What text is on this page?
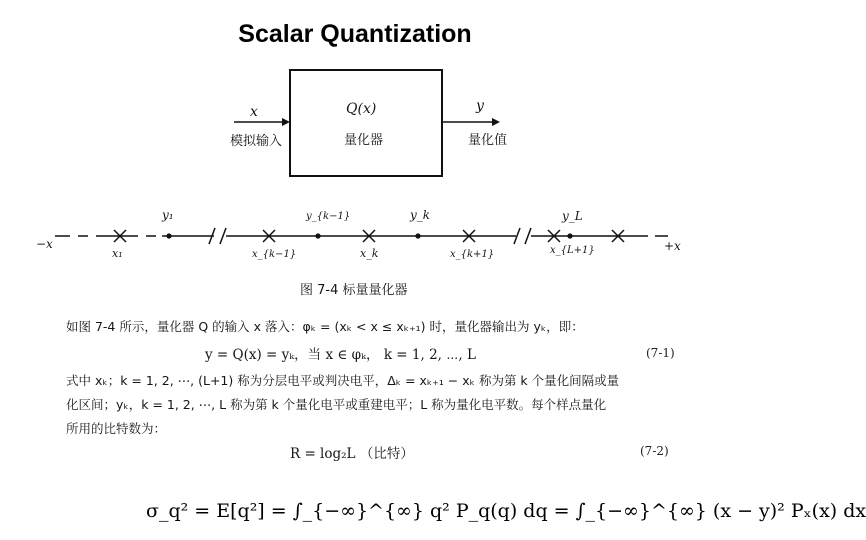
Scalar Quantization
x
模拟输入
Q(x)
量化器
y
量化值
−x	+x
y₁	y_{k−1}	y_k	y_L
x₁	x_{k−1}	x_k	x_{k+1}	x_{L+1}
图 7-4 标量量化器
如图 7-4 所示，量化器 Q 的输入 x 落入：φₖ = (xₖ < x ≤ xₖ₊₁) 时，量化器输出为 yₖ，即：
y = Q(x) = yₖ，当 x ∈ φₖ， k = 1, 2, ⋯, L	(7-1)
式中 xₖ；k = 1, 2, ⋯, (L+1) 称为分层电平或判决电平，Δₖ = xₖ₊₁ − xₖ 称为第 k 个量化间隔或量
化区间；yₖ，k = 1, 2, ⋯, L 称为第 k 个量化电平或重建电平；L 称为量化电平数。每个样点量化
所用的比特数为：
R = log₂L （比特）	(7-2)
σ_q² = E[q²] = ∫_{−∞}^{∞} q² P_q(q) dq = ∫_{−∞}^{∞} (x − y)² Pₓ(x) dx
